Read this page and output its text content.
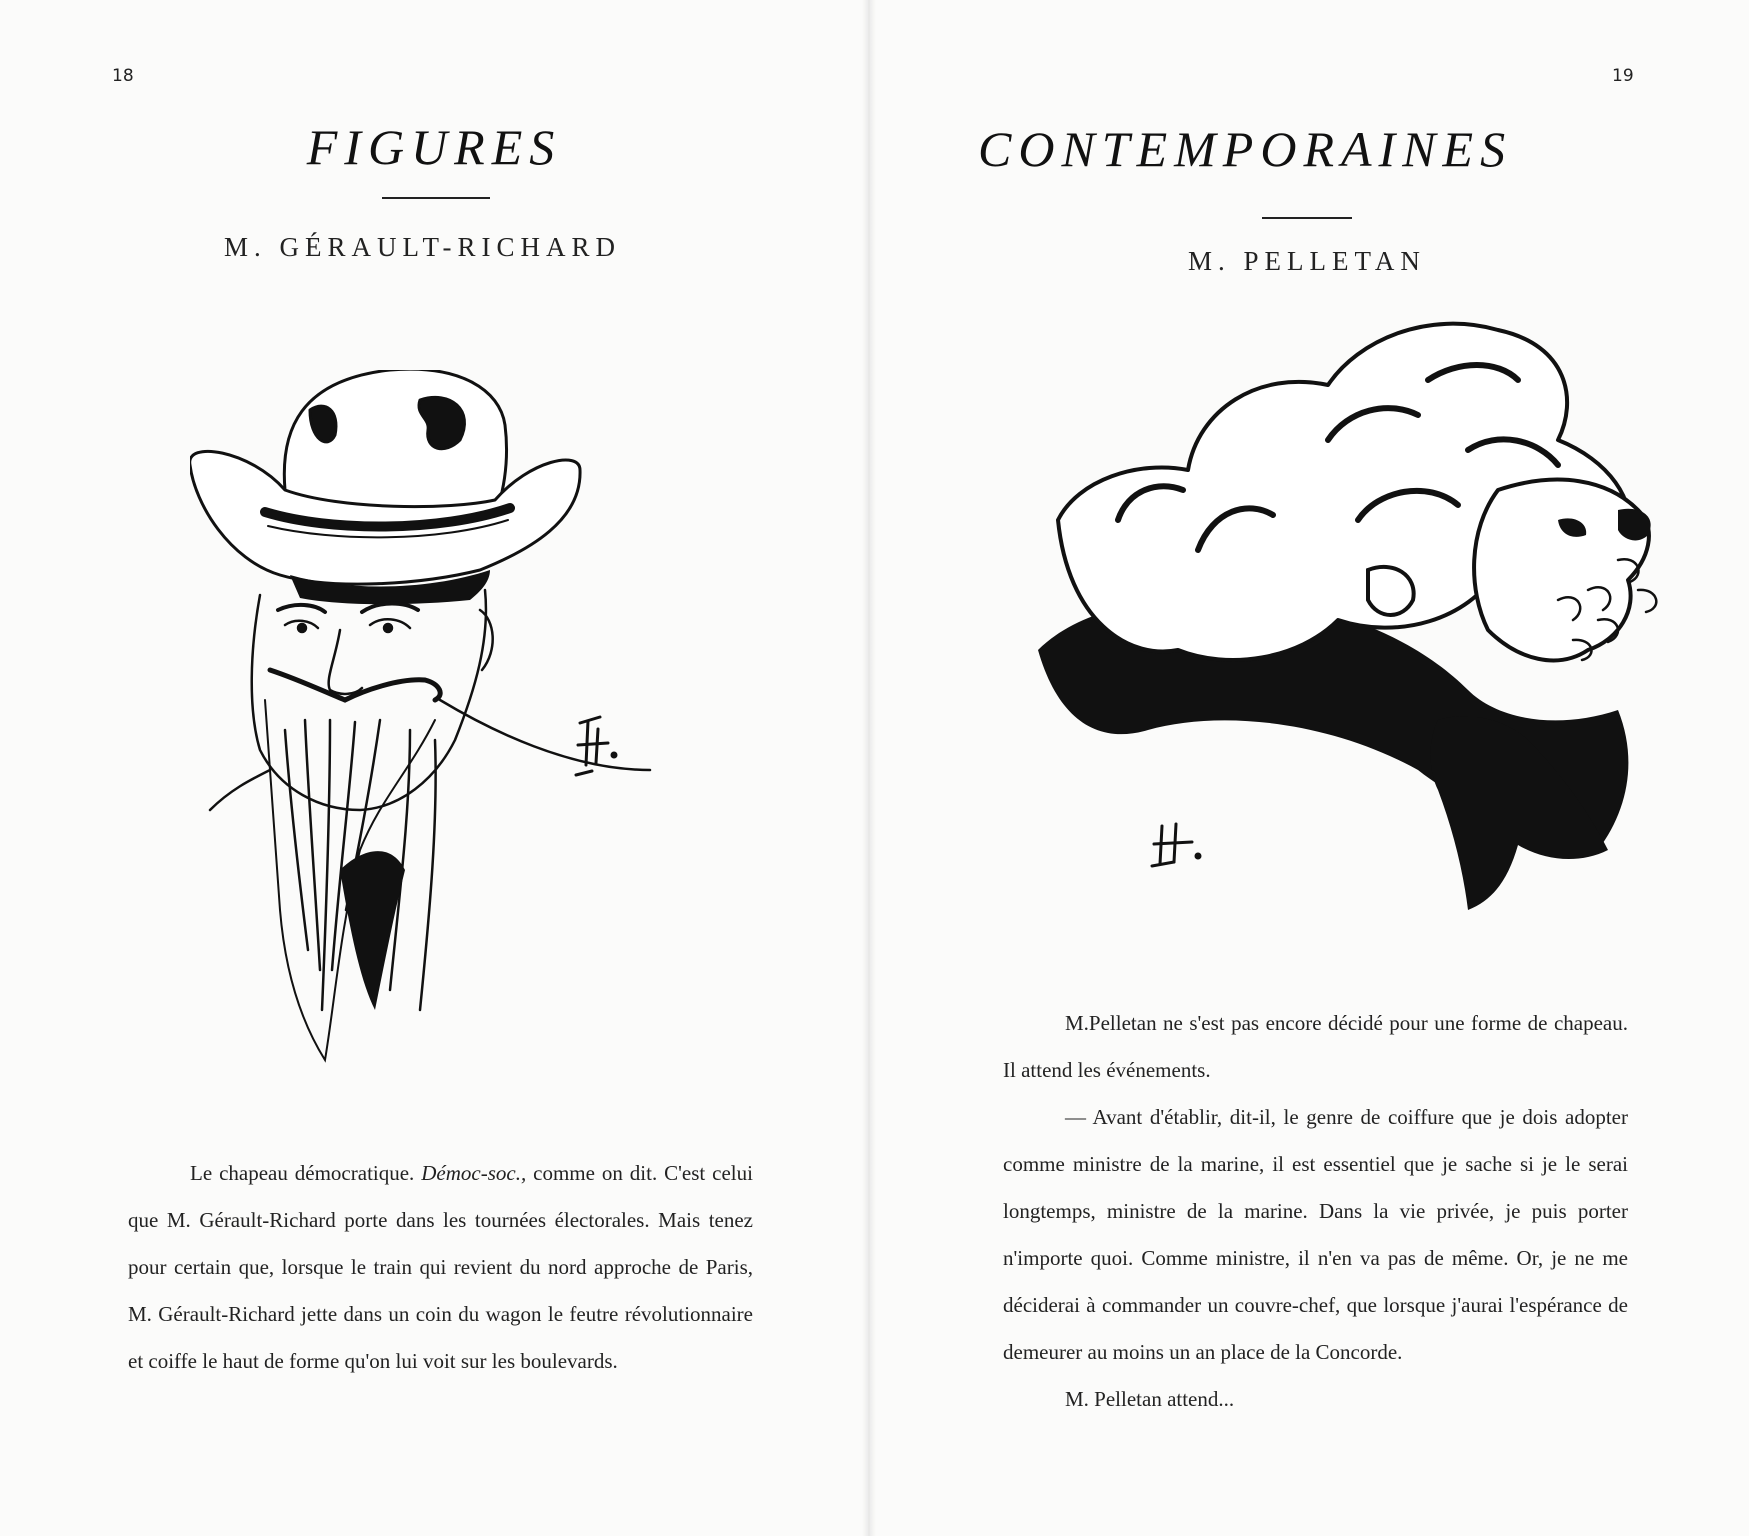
18
FIGURES
M. GÉRAULT-RICHARD

Le chapeau démocratique. Démoc-soc., comme on dit. C'est celui que M. Gérault-Richard porte dans les tournées électorales. Mais tenez pour certain que, lorsque le train qui revient du nord approche de Paris, M. Gérault-Richard jette dans un coin du wagon le feutre révolutionnaire et coiffe le haut de forme qu'on lui voit sur les boulevards.

19
CONTEMPORAINES
M. PELLETAN

M.Pelletan ne s'est pas encore décidé pour une forme de chapeau. Il attend les événements.

— Avant d'établir, dit-il, le genre de coiffure que je dois adopter comme ministre de la marine, il est essentiel que je sache si je le serai longtemps, ministre de la marine. Dans la vie privée, je puis porter n'importe quoi. Comme ministre, il n'en va pas de même. Or, je ne me déciderai à commander un couvre-chef, que lorsque j'aurai l'espérance de demeurer au moins un an place de la Concorde.

M. Pelletan attend...
